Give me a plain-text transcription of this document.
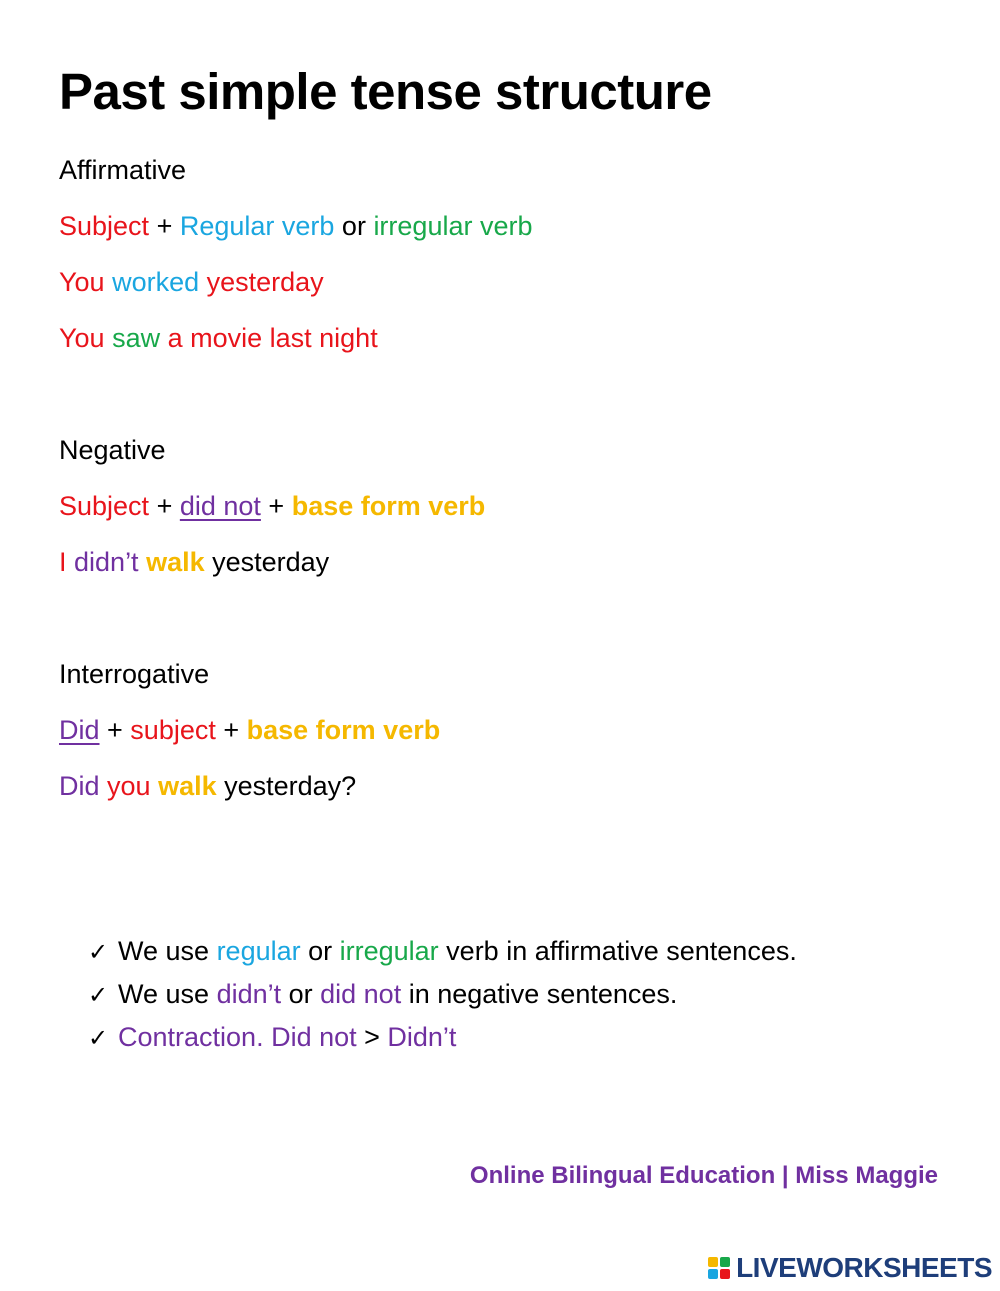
Past simple tense structure
Affirmative
Subject + Regular verb or irregular verb
You worked yesterday
You saw a movie last night
Negative
Subject + did not + base form verb
I didn’t walk yesterday
Interrogative
Did + subject + base form verb
Did you walk yesterday?
✓ We use regular or irregular verb in affirmative sentences.
✓ We use didn’t or did not in negative sentences.
✓ Contraction. Did not > Didn’t
Online Bilingual Education | Miss Maggie
LIVEWORKSHEETS
